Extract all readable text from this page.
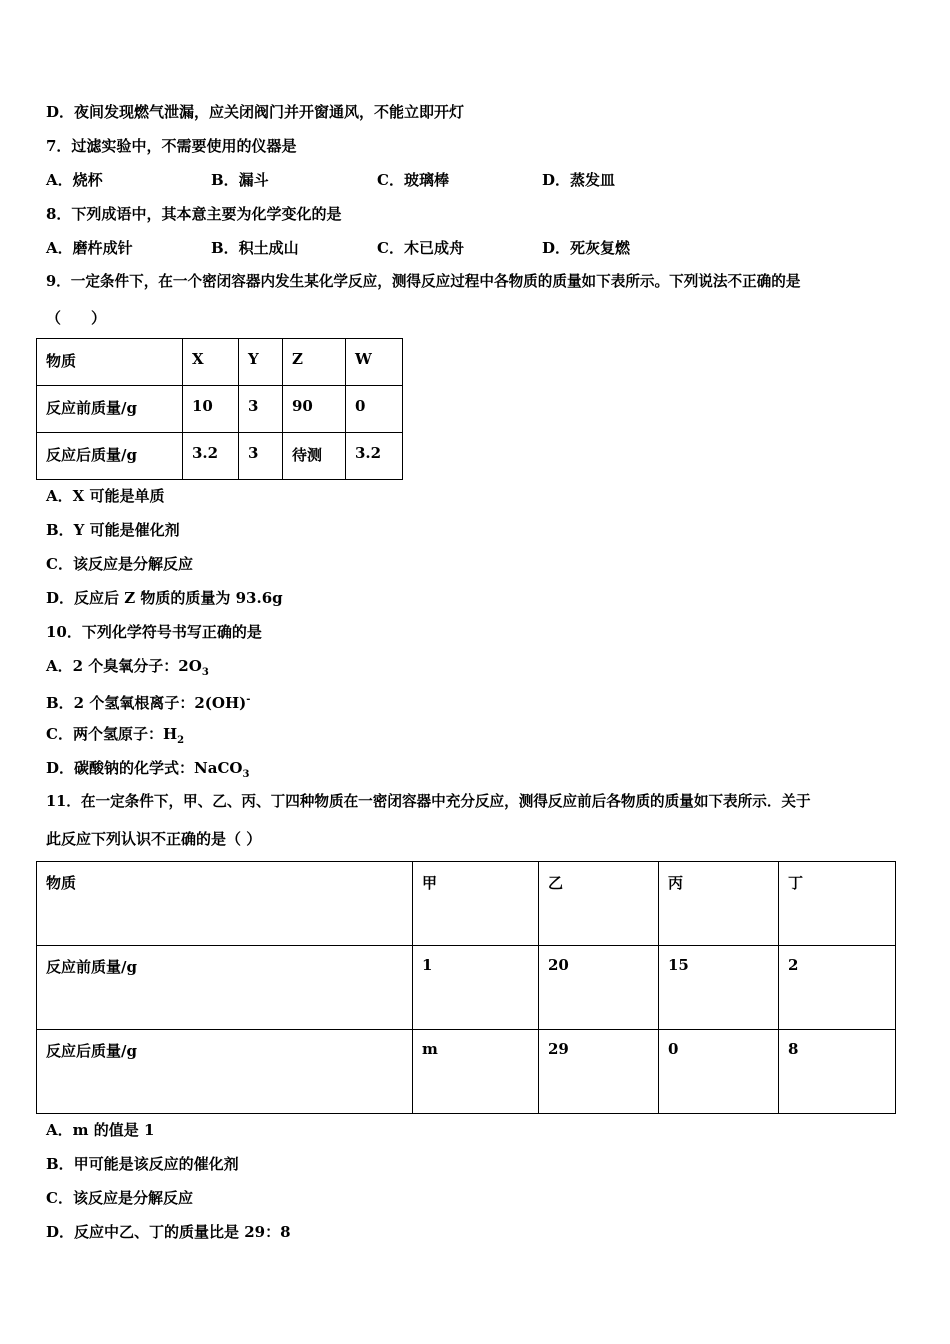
D．夜间发现燃气泄漏，应关闭阀门并开窗通风，不能立即开灯
7．过滤实验中，不需要使用的仪器是
A．烧杯	B．漏斗	C．玻璃棒	D．蒸发皿
8．下列成语中，其本意主要为化学变化的是
A．磨杵成针	B．积土成山	C．木已成舟	D．死灰复燃
9．一定条件下，在一个密闭容器内发生某化学反应，测得反应过程中各物质的质量如下表所示。下列说法不正确的是
（　　）
物质	X	Y	Z	W

反应前质量/g	10	3	90	0

反应后质量/g	3.2	3	待测	3.2
A．X 可能是单质
B．Y 可能是催化剂
C．该反应是分解反应
D．反应后 Z 物质的质量为 93.6g
10．下列化学符号书写正确的是
A．2 个臭氧分子：$2O_3$
B．2 个氢氧根离子：2(OH)-
C．两个氢原子：$H_2$
D．碳酸钠的化学式：NaCO$_3$
11．在一定条件下，甲、乙、丙、丁四种物质在一密闭容器中充分反应，测得反应前后各物质的质量如下表所示．关于
此反应下列认识不正确的是（ ）
物质	甲	乙	丙	丁

反应前质量/g	1	20	15	2

反应后质量/g	m	29	0	8
A．m 的值是 1
B．甲可能是该反应的催化剂
C．该反应是分解反应
D．反应中乙、丁的质量比是 29：8
